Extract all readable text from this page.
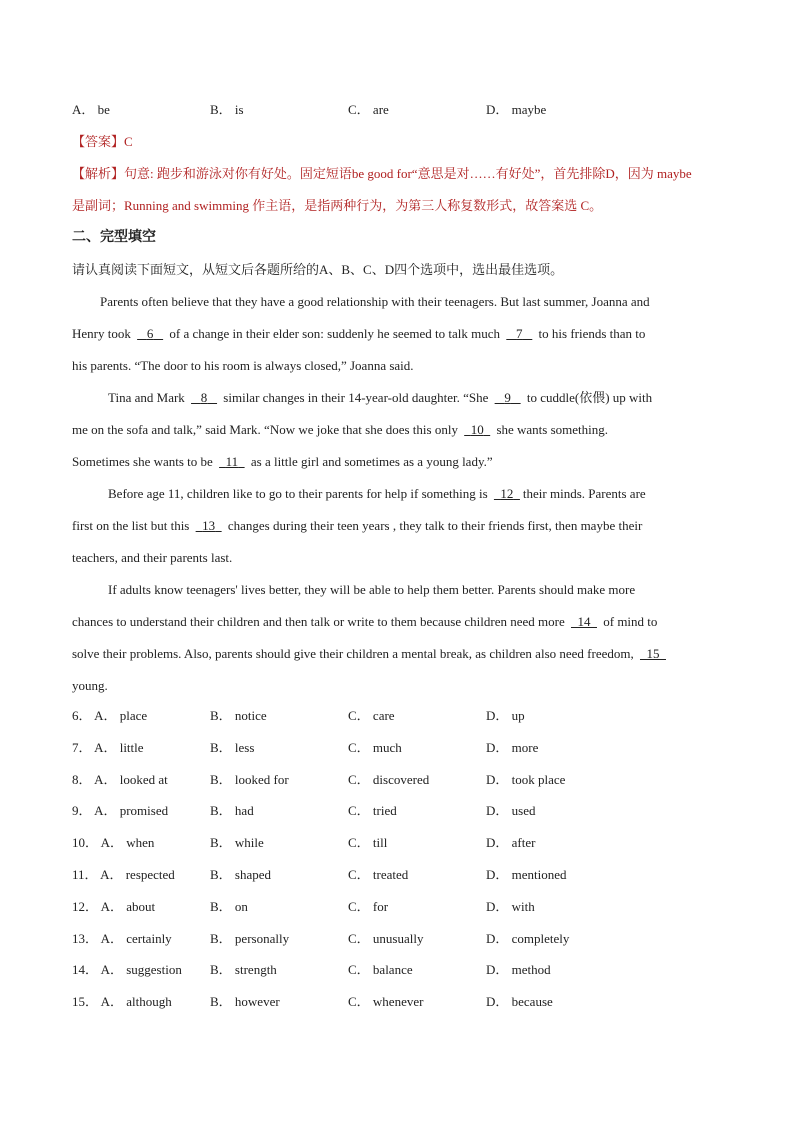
A． be	B． is	C． are	D． maybe
【答案】C
【解析】句意: 跑步和游泳对你有好处。固定短语be good for“意思是对……有好处”，首先排除D，因为 maybe
是副词；Running and swimming 作主语，是指两种行为，为第三人称复数形式，故答案选 C。
二、完型填空
请认真阅读下面短文，从短文后各题所给的A、B、C、D四个选项中，选出最佳选项。
Parents often believe that they have a good relationship with their teenagers. But last summer, Joanna and
Henry took 6 of a change in their elder son: suddenly he seemed to talk much 7 to his friends than to
his parents. “The door to his room is always closed,” Joanna said.
Tina and Mark 8 similar changes in their 14-year-old daughter. “She 9 to cuddle(依偎) up with
me on the sofa and talk,” said Mark. “Now we joke that she does this only 10 she wants something.
Sometimes she wants to be 11 as a little girl and sometimes as a young lady.”
Before age 11, children like to go to their parents for help if something is 12 their minds. Parents are
first on the list but this 13 changes during their teen years , they talk to their friends first, then maybe their
teachers, and their parents last.
If adults know teenagers' lives better, they will be able to help them better. Parents should make more
chances to understand their children and then talk or write to them because children need more 14 of mind to
solve their problems. Also, parents should give their children a mental break, as children also need freedom, 15
young.
6． A． place	B． notice	C． care	D． up
7． A． little	B． less	C． much	D． more
8． A． looked at	B． looked for	C． discovered	D． took place
9． A． promised	B． had	C． tried	D． used
10． A． when	B． while	C． till	D． after
11． A． respected	B． shaped	C． treated	D． mentioned
12． A． about	B． on	C． for	D． with
13． A． certainly	B． personally	C． unusually	D． completely
14． A． suggestion B． strength	C． balance	D． method
15． A． although	B． however	C． whenever	D． because
